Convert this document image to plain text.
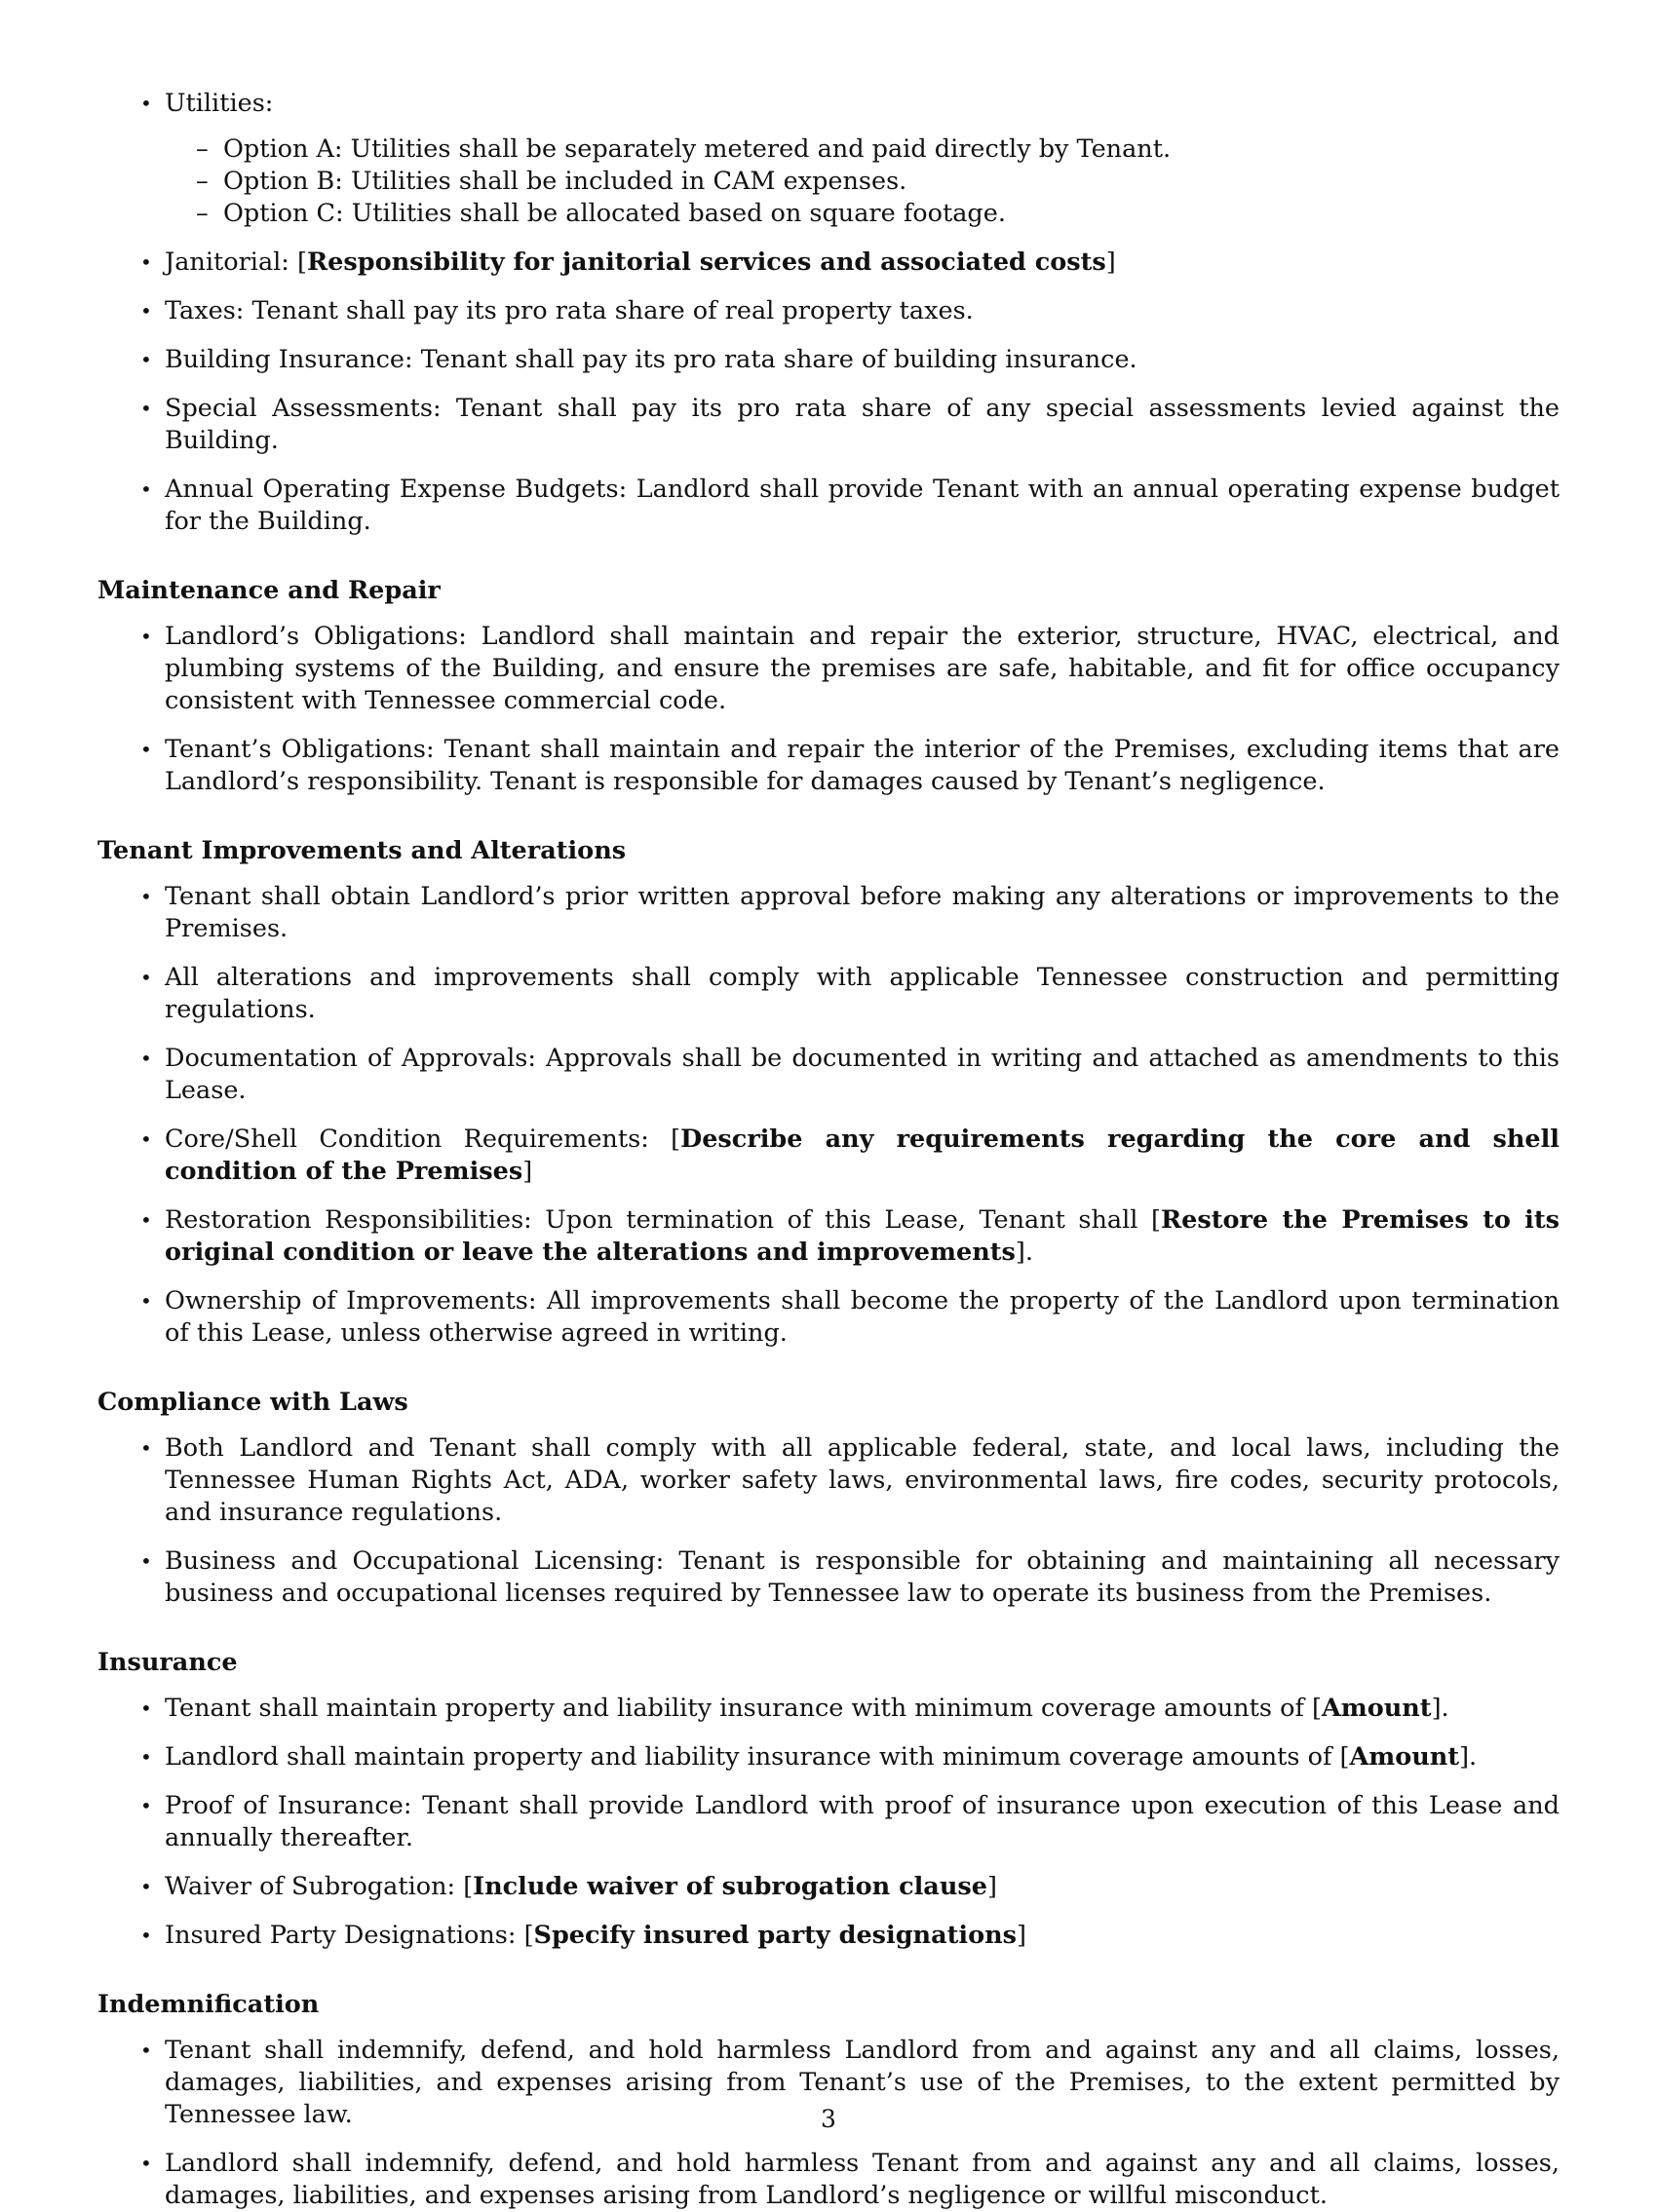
• Utilities:
– Option A: Utilities shall be separately metered and paid directly by Tenant.
– Option B: Utilities shall be included in CAM expenses.
– Option C: Utilities shall be allocated based on square footage.
• Janitorial: [Responsibility for janitorial services and associated costs]
• Taxes: Tenant shall pay its pro rata share of real property taxes.
• Building Insurance: Tenant shall pay its pro rata share of building insurance.
• Special Assessments: Tenant shall pay its pro rata share of any special assessments levied against the Building.
• Annual Operating Expense Budgets: Landlord shall provide Tenant with an annual operating expense budget for the Building.
Maintenance and Repair
• Landlord’s Obligations: Landlord shall maintain and repair the exterior, structure, HVAC, electrical, and plumbing systems of the Building, and ensure the premises are safe, habitable, and fit for office occupancy consistent with Tennessee commercial code.
• Tenant’s Obligations: Tenant shall maintain and repair the interior of the Premises, excluding items that are Landlord’s responsibility. Tenant is responsible for damages caused by Tenant’s negligence.
Tenant Improvements and Alterations
• Tenant shall obtain Landlord’s prior written approval before making any alterations or improvements to the Premises.
• All alterations and improvements shall comply with applicable Tennessee construction and permitting regulations.
• Documentation of Approvals: Approvals shall be documented in writing and attached as amendments to this Lease.
• Core/Shell Condition Requirements: [Describe any requirements regarding the core and shell condition of the Premises]
• Restoration Responsibilities: Upon termination of this Lease, Tenant shall [Restore the Premises to its original condition or leave the alterations and improvements].
• Ownership of Improvements: All improvements shall become the property of the Landlord upon termination of this Lease, unless otherwise agreed in writing.
Compliance with Laws
• Both Landlord and Tenant shall comply with all applicable federal, state, and local laws, including the Tennessee Human Rights Act, ADA, worker safety laws, environmental laws, fire codes, security protocols, and insurance regulations.
• Business and Occupational Licensing: Tenant is responsible for obtaining and maintaining all necessary business and occupational licenses required by Tennessee law to operate its business from the Premises.
Insurance
• Tenant shall maintain property and liability insurance with minimum coverage amounts of [Amount].
• Landlord shall maintain property and liability insurance with minimum coverage amounts of [Amount].
• Proof of Insurance: Tenant shall provide Landlord with proof of insurance upon execution of this Lease and annually thereafter.
• Waiver of Subrogation: [Include waiver of subrogation clause]
• Insured Party Designations: [Specify insured party designations]
Indemnification
• Tenant shall indemnify, defend, and hold harmless Landlord from and against any and all claims, losses, damages, liabilities, and expenses arising from Tenant’s use of the Premises, to the extent permitted by Tennessee law.
• Landlord shall indemnify, defend, and hold harmless Tenant from and against any and all claims, losses, damages, liabilities, and expenses arising from Landlord’s negligence or willful misconduct.
3
